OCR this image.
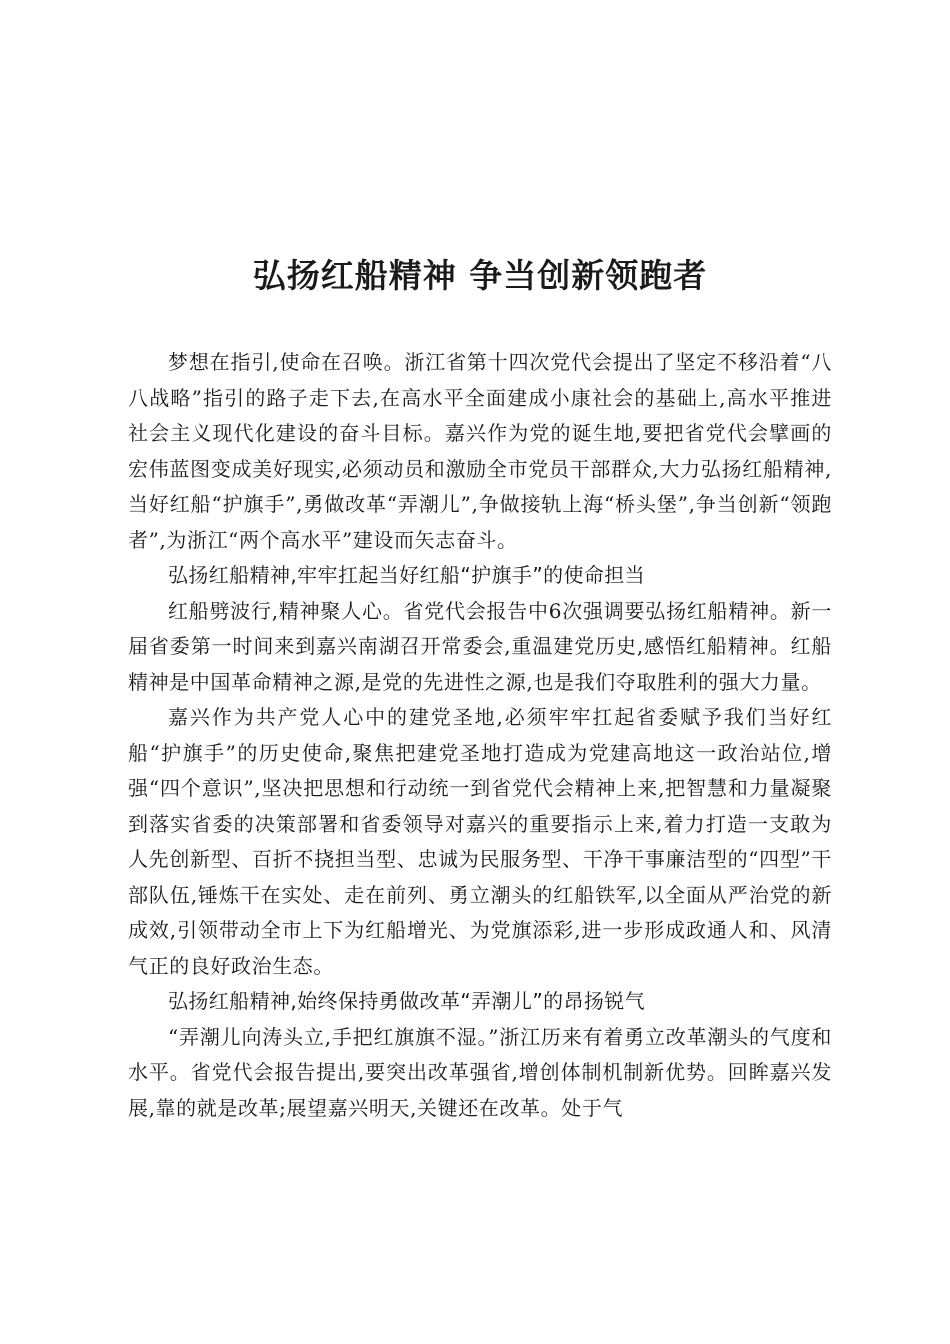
弘扬红船精神 争当创新领跑者

梦想在指引,使命在召唤。浙江省第十四次党代会提出了坚定不移沿着“八八战略”指引的路子走下去,在高水平全面建成小康社会的基础上,高水平推进社会主义现代化建设的奋斗目标。嘉兴作为党的诞生地,要把省党代会擘画的宏伟蓝图变成美好现实,必须动员和激励全市党员干部群众,大力弘扬红船精神,当好红船“护旗手”,勇做改革“弄潮儿”,争做接轨上海“桥头堡”,争当创新“领跑者”,为浙江“两个高水平”建设而矢志奋斗。

弘扬红船精神,牢牢扛起当好红船“护旗手”的使命担当

红船劈波行,精神聚人心。省党代会报告中6次强调要弘扬红船精神。新一届省委第一时间来到嘉兴南湖召开常委会,重温建党历史,感悟红船精神。红船精神是中国革命精神之源,是党的先进性之源,也是我们夺取胜利的强大力量。

嘉兴作为共产党人心中的建党圣地,必须牢牢扛起省委赋予我们当好红船“护旗手”的历史使命,聚焦把建党圣地打造成为党建高地这一政治站位,增强“四个意识”,坚决把思想和行动统一到省党代会精神上来,把智慧和力量凝聚到落实省委的决策部署和省委领导对嘉兴的重要指示上来,着力打造一支敢为人先创新型、百折不挠担当型、忠诚为民服务型、干净干事廉洁型的“四型”干部队伍,锤炼干在实处、走在前列、勇立潮头的红船铁军,以全面从严治党的新成效,引领带动全市上下为红船增光、为党旗添彩,进一步形成政通人和、风清气正的良好政治生态。

弘扬红船精神,始终保持勇做改革“弄潮儿”的昂扬锐气

“弄潮儿向涛头立,手把红旗旗不湿。”浙江历来有着勇立改革潮头的气度和水平。省党代会报告提出,要突出改革强省,增创体制机制新优势。回眸嘉兴发展,靠的就是改革;展望嘉兴明天,关键还在改革。处于气
